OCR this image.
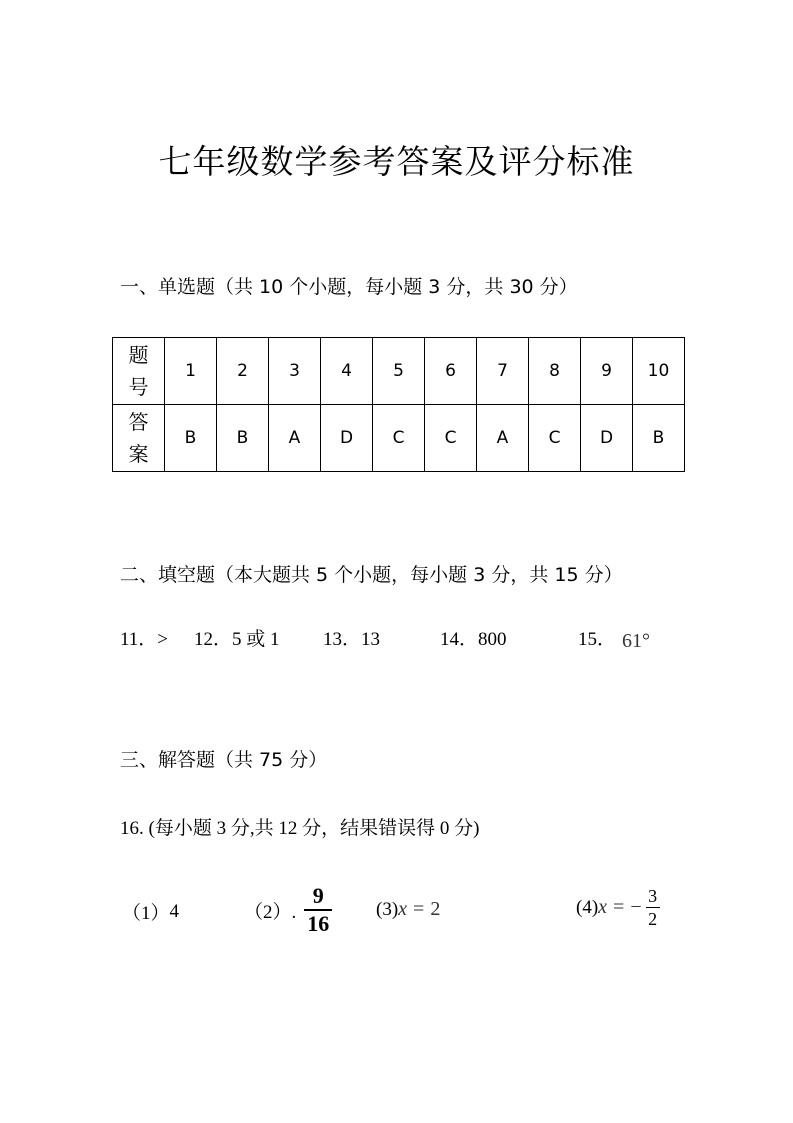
七年级数学参考答案及评分标准
一、单选题（共 10 个小题，每小题 3 分，共 30 分）
题
号	1	2	3	4	5	6	7	8	9	10
答
案	B	B	A	D	C	C	A	C	D	B
二、填空题（本大题共 5 个小题，每小题 3 分，共 15 分）
11．> 12．5 或 1 13．13	14．800	15． 61°
三、解答题（共 75 分）
16. (每小题 3 分,共 12 分，结果错误得 0 分)
（1） 4	（2）. $\frac{9}{16} (3) x = 2$	(4) x = − $\frac{3}{2}$
